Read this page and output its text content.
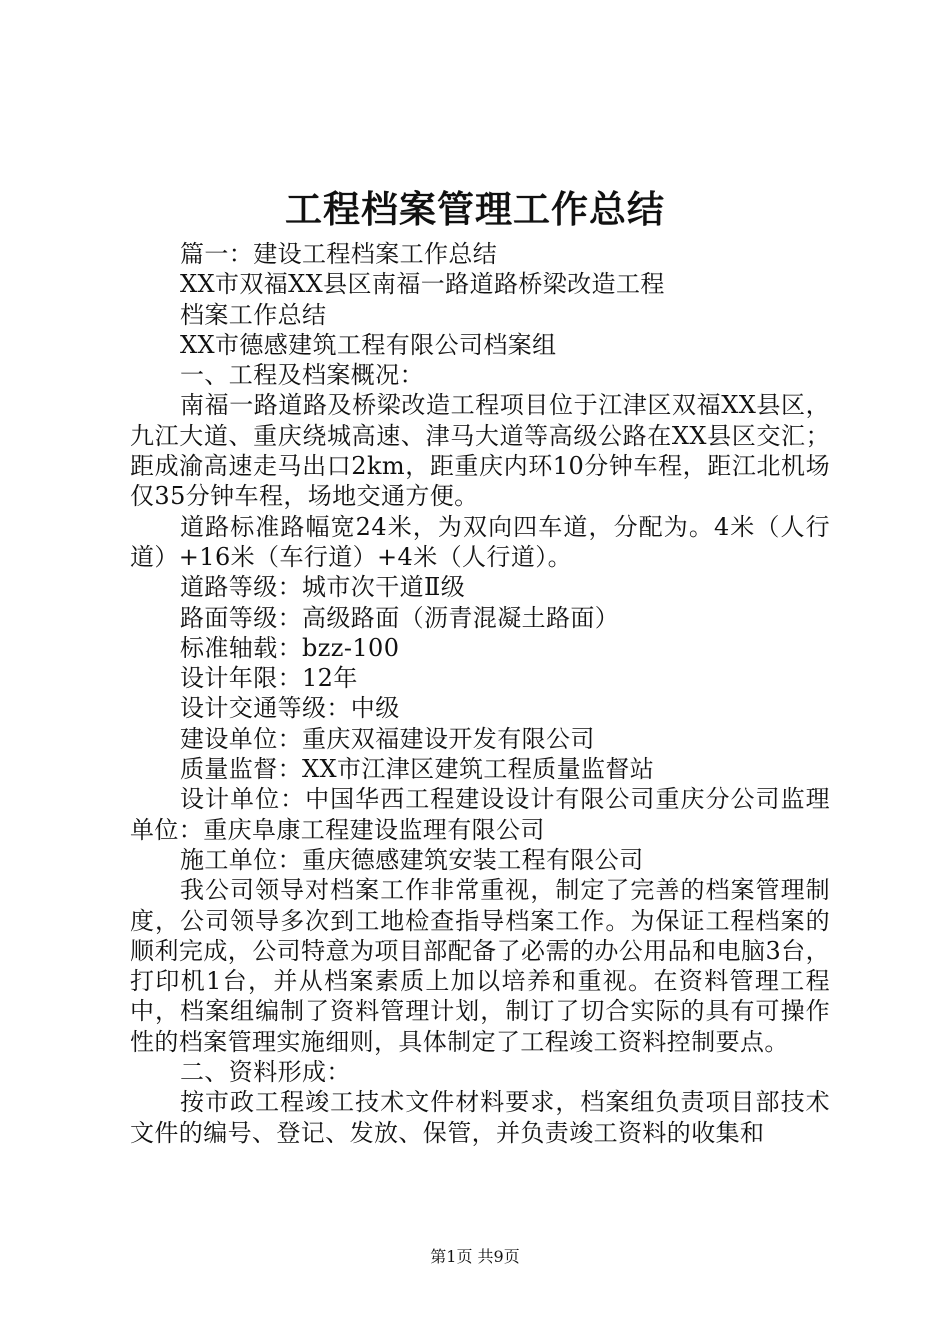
工程档案管理工作总结

篇一：建设工程档案工作总结

XX市双福XX县区南福一路道路桥梁改造工程

档案工作总结

XX市德感建筑工程有限公司档案组

一、工程及档案概况：

南福一路道路及桥梁改造工程项目位于江津区双福XX县区，九江大道、重庆绕城高速、津马大道等高级公路在XX县区交汇；距成渝高速走马出口2km，距重庆内环10分钟车程，距江北机场仅35分钟车程，场地交通方便。

道路标准路幅宽24米，为双向四车道，分配为。4米（人行道）+16米（车行道）+4米（人行道）。

道路等级：城市次干道Ⅱ级

路面等级：高级路面（沥青混凝土路面）

标准轴载：bzz-100

设计年限：12年

设计交通等级：中级

建设单位：重庆双福建设开发有限公司

质量监督：XX市江津区建筑工程质量监督站

设计单位：中国华西工程建设设计有限公司重庆分公司监理单位：重庆阜康工程建设监理有限公司

施工单位：重庆德感建筑安装工程有限公司

我公司领导对档案工作非常重视，制定了完善的档案管理制度，公司领导多次到工地检查指导档案工作。为保证工程档案的顺利完成，公司特意为项目部配备了必需的办公用品和电脑3台，打印机1台，并从档案素质上加以培养和重视。在资料管理工程中，档案组编制了资料管理计划，制订了切合实际的具有可操作性的档案管理实施细则，具体制定了工程竣工资料控制要点。

二、资料形成：

按市政工程竣工技术文件材料要求，档案组负责项目部技术文件的编号、登记、发放、保管，并负责竣工资料的收集和

第1页 共9页
